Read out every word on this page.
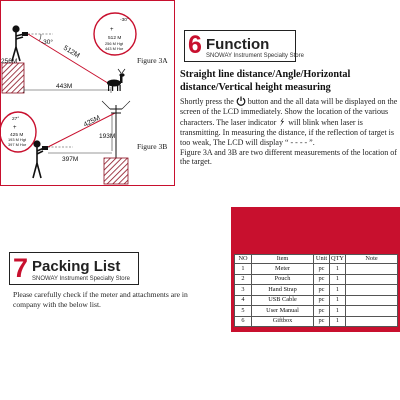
-30°
512M
256M
443M
-30°
+
512 M
256 M Hgt
443 M Hor
Figure 3A
27°
+
425 M
193 M Hgt
397 M Hor
425M
397M
193M
Figure 3B
6 Function
SNOWAY Instrument Specialty Store
Straight line distance/Angle/Horizontal distance/Vertical height measuring

Shortly press the  button and the all data will be displayed on the screen of the LCD immediately. Show the location of the various characters. The laser indicator  will blink when laser is transmitting. In measuring the distance, if the reflection of target is too weak, The LCD will display “ - - - - ”.

Figure 3A and 3B are two different measurements of the location of the target.

7 Packing List
SNOWAY Instrument Specialty Store
Please carefully check if the meter and attachments are in company with the below list.
NO	Item	Unit	QTY	Note
1	Meter	pc	1	
2	Pouch	pc	1	
3	Hand Strap	pc	1	
4	USB Cable	pc	1	
5	User Manual	pc	1	
6	Giftbox	pc	1	
